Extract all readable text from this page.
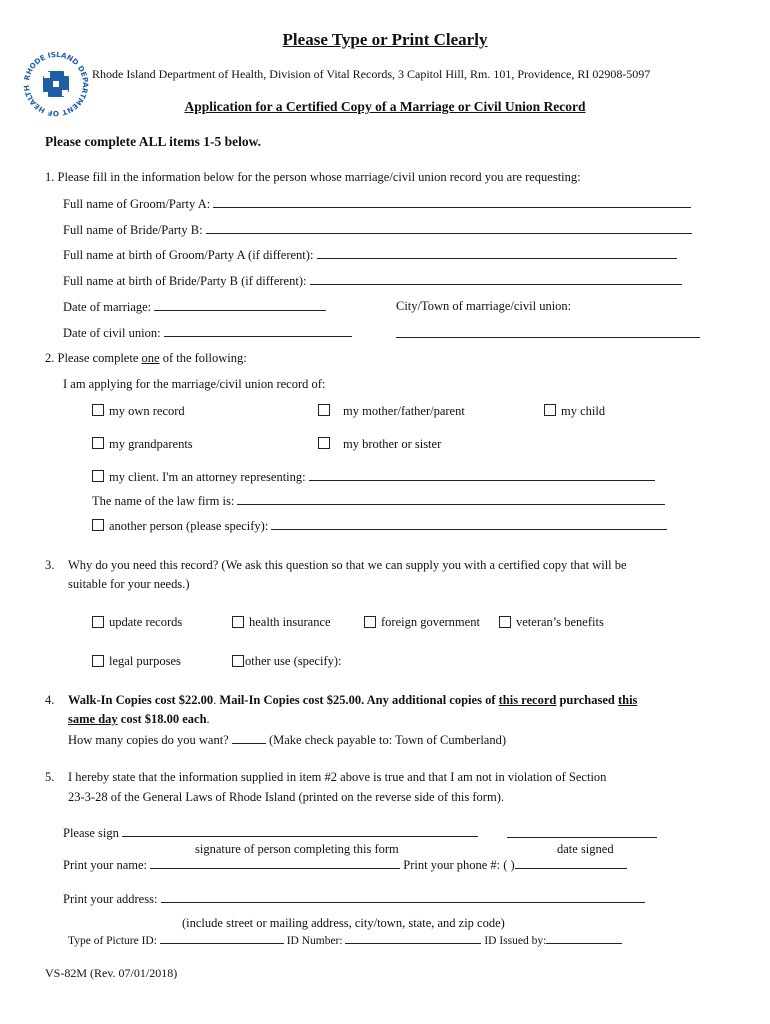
Please Type or Print Clearly
RHODE ISLAND DEPARTMENT OF HEALTH
Rhode Island Department of Health, Division of Vital Records, 3 Capitol Hill, Rm. 101, Providence, RI 02908-5097
Application for a Certified Copy of a Marriage or Civil Union Record
Please complete ALL items 1-5 below.
1. Please fill in the information below for the person whose marriage/civil union record you are requesting:
Full name of Groom/Party A:
Full name of Bride/Party B:
Full name at birth of Groom/Party A (if different):
Full name at birth of Bride/Party B (if different):
Date of marriage:	City/Town of marriage/civil union:
Date of civil union:
2. Please complete one of the following:
I am applying for the marriage/civil union record of:
my own record	my mother/father/parent	my child
my grandparents	my brother or sister
my client. I'm an attorney representing:
The name of the law firm is:
another person (please specify):
3. Why do you need this record? (We ask this question so that we can supply you with a certified copy that will be
suitable for your needs.)
update records	health insurance	foreign government	veteran’s benefits
legal purposes	other use (specify):
4. Walk-In Copies cost $22.00. Mail-In Copies cost $25.00. Any additional copies of this record purchased this
same day cost $18.00 each.
How many copies do you want?	(Make check payable to: Town of Cumberland)
5. I hereby state that the information supplied in item #2 above is true and that I am not in violation of Section
23-3-28 of the General Laws of Rhode Island (printed on the reverse side of this form).
Please sign
signature of person completing this form	date signed
Print your name:	Print your phone #: ( )
Print your address:
(include street or mailing address, city/town, state, and zip code)
Type of Picture ID:	ID Number:	ID Issued by:
VS-82M (Rev. 07/01/2018)
